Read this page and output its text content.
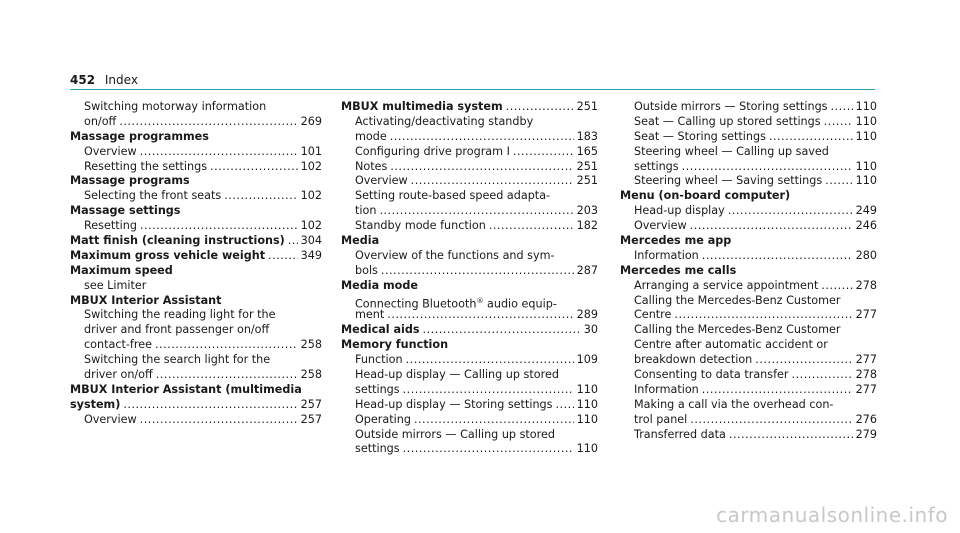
452 Index
Switching motorway information
on/off .....	269
Massage programmes
Overview .....	101
Resetting the settings .....	102
Massage programs
Selecting the front seats .....	102
Massage settings
Resetting .....	102
Matt finish (cleaning instructions) ..... 304
Maximum gross vehicle weight .....	349
Maximum speed
see Limiter
MBUX Interior Assistant
Switching the reading light for the
driver and front passenger on/off
contact-free .....	258
Switching the search light for the
driver on/off .....	258
MBUX Interior Assistant (multimedia
system) .....	257
Overview .....	257
MBUX multimedia system .....	251
Activating/deactivating standby
mode .....	183
Configuring drive program I .....	165
Notes .....	251
Overview .....	251
Setting route-based speed adapta-
tion .....	203
Standby mode function .....	182
Media
Overview of the functions and sym-
bols .....	287
Media mode
Connecting Bluetooth® audio equip-
ment .....	289
Medical aids .....	30
Memory function
Function .....	109
Head-up display — Calling up stored
settings .....	110
Head-up display — Storing settings ..... 110
Operating .....	110
Outside mirrors — Calling up stored
settings .....	110
Outside mirrors — Storing settings .....	110
Seat — Calling up stored settings .....	110
Seat — Storing settings .....	110
Steering wheel — Calling up saved
settings .....	110
Steering wheel — Saving settings .....	110
Menu (on-board computer)
Head-up display .....	249
Overview .....	246
Mercedes me app
Information .....	280
Mercedes me calls
Arranging a service appointment .....	278
Calling the Mercedes-Benz Customer
Centre .....	277
Calling the Mercedes-Benz Customer
Centre after automatic accident or
breakdown detection .....	277
Consenting to data transfer .....	278
Information .....	277
Making a call via the overhead con-
trol panel .....	276
Transferred data .....	279
carmanualsonline.info
